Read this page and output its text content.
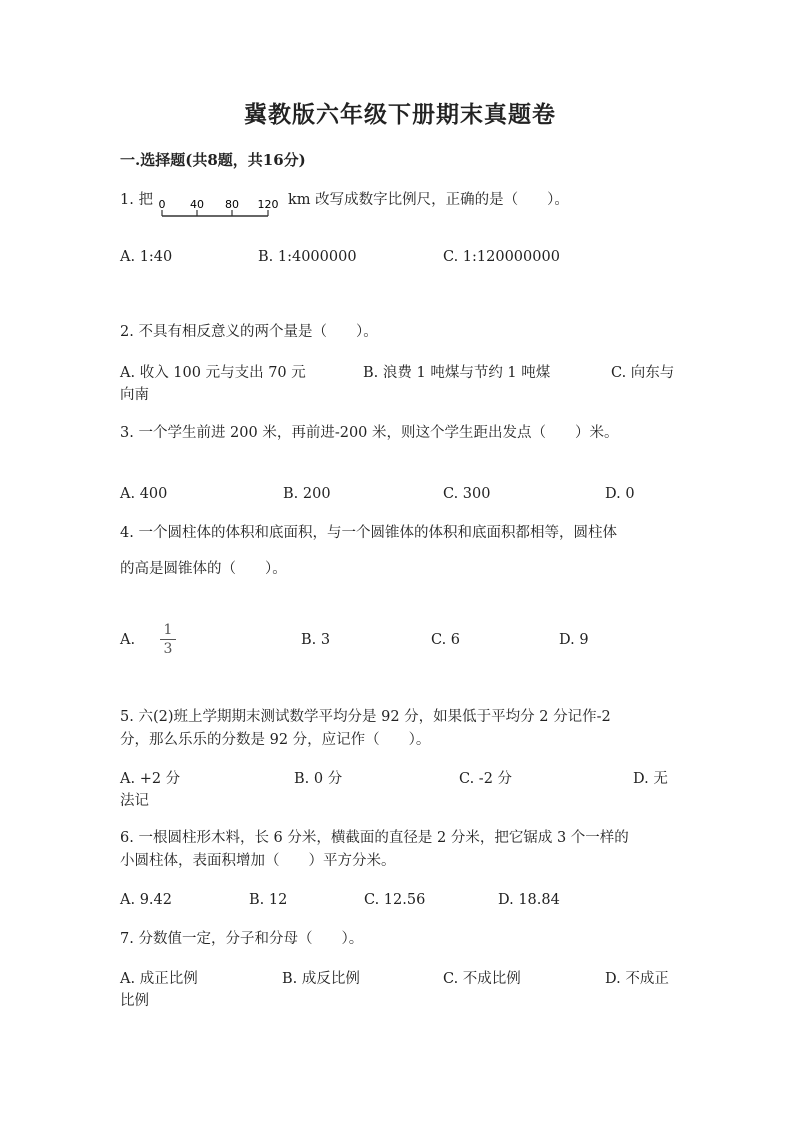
冀教版六年级下册期末真题卷
一.选择题(共8题，共16分)
1. 把 0 40 80 120 km 改写成数字比例尺，正确的是（　　）。
A. 1:40	B. 1:4000000	C. 1:120000000
2. 不具有相反意义的两个量是（　　）。
A. 收入 100 元与支出 70 元	B. 浪费 1 吨煤与节约 1 吨煤	C. 向东与
向南
3. 一个学生前进 200 米，再前进-200 米，则这个学生距出发点（　　）米。
A. 400	B. 200	C. 300	D. 0
4. 一个圆柱体的体积和底面积，与一个圆锥体的体积和底面积都相等，圆柱体
的高是圆锥体的（　　）。
A.
1
3
B. 3	C. 6	D. 9
5. 六(2)班上学期期末测试数学平均分是 92 分，如果低于平均分 2 分记作-2
分，那么乐乐的分数是 92 分，应记作（　　）。
A. +2 分	B. 0 分	C. -2 分	D. 无
法记
6. 一根圆柱形木料，长 6 分米，横截面的直径是 2 分米，把它锯成 3 个一样的
小圆柱体，表面积增加（　　）平方分米。
A. 9.42	B. 12	C. 12.56	D. 18.84
7. 分数值一定，分子和分母（　　）。
A. 成正比例	B. 成反比例	C. 不成比例	D. 不成正
比例
